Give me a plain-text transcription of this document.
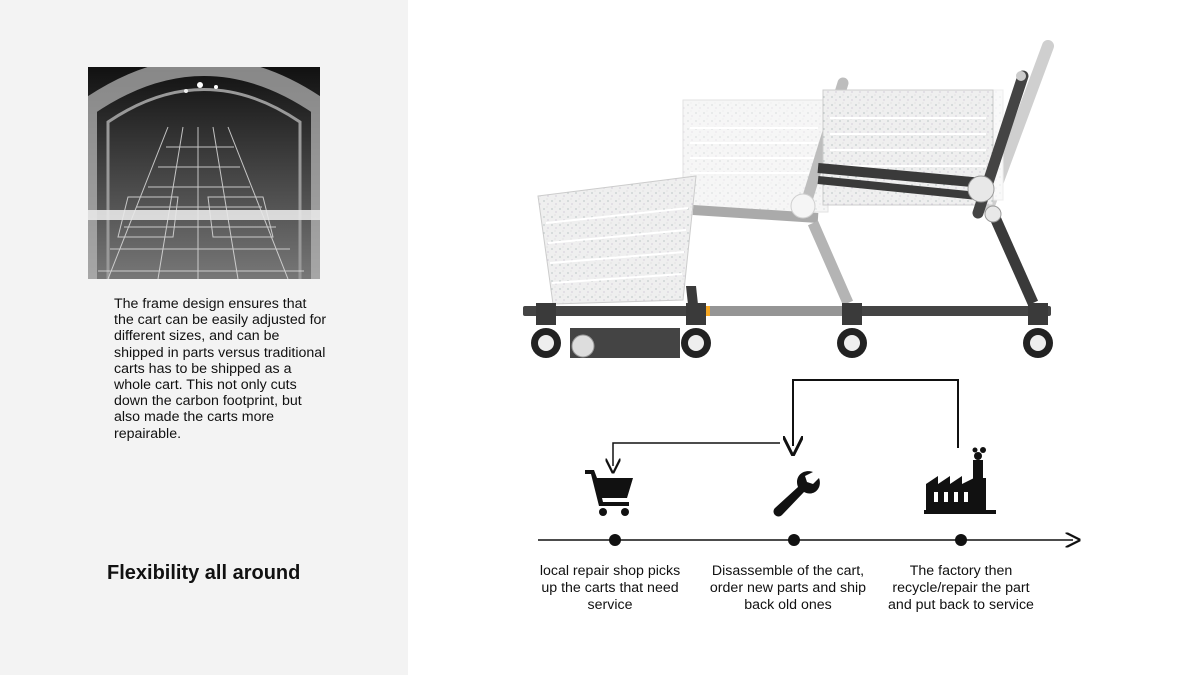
The frame design ensures that the cart can be easily adjusted for different sizes, and can be shipped in parts versus traditional carts has to be shipped as a whole cart. This not only cuts down the carbon footprint, but also made the carts more repairable.

Flexibility all around	local repair shop picks up the carts that need service

Disassemble of the cart, order new parts and ship back old ones

The factory then recycle/repair the part and put back to service
